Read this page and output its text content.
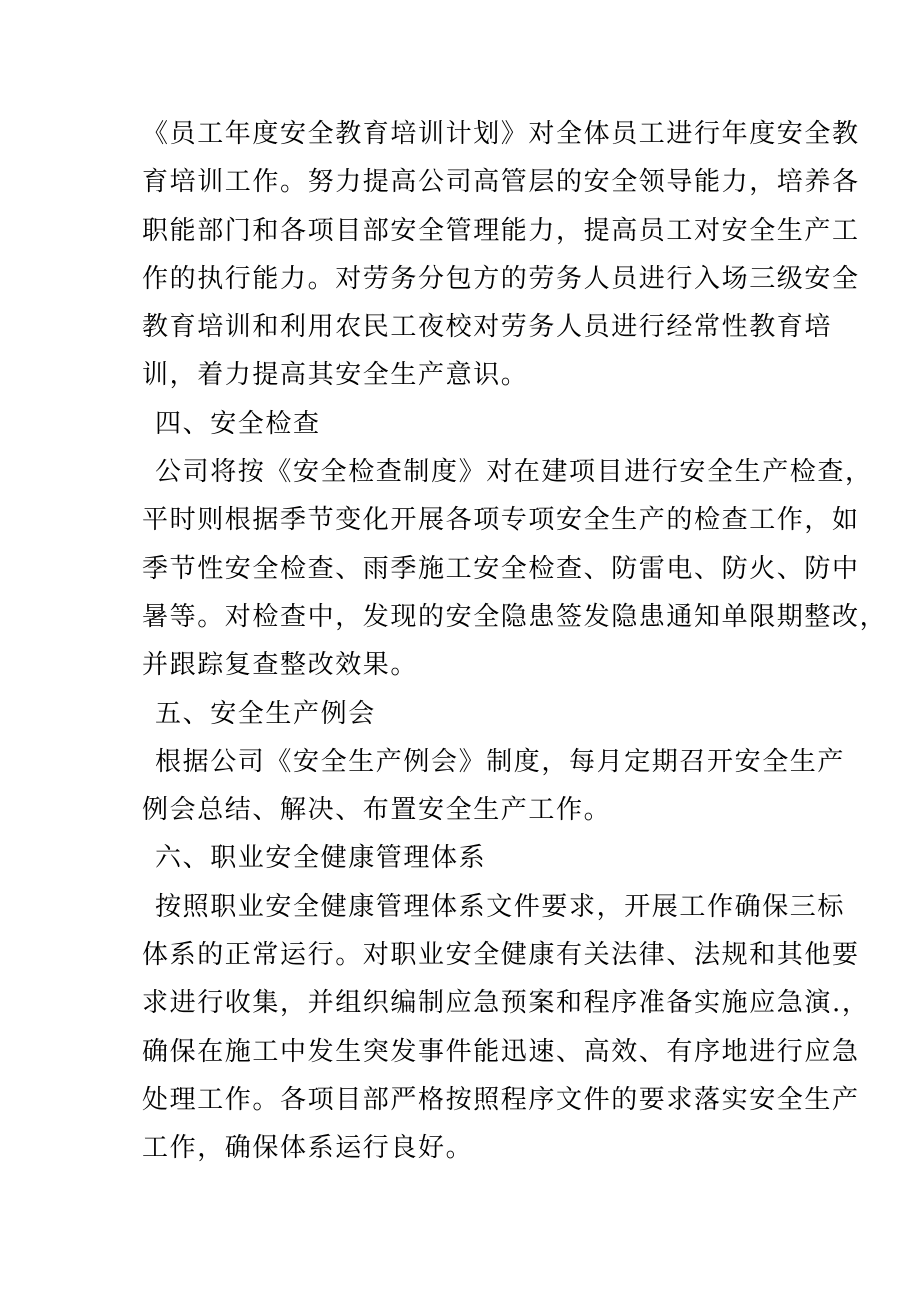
《员工年度安全教育培训计划》对全体员工进行年度安全教
育培训工作。努力提高公司高管层的安全领导能力，培养各
职能部门和各项目部安全管理能力，提高员工对安全生产工
作的执行能力。对劳务分包方的劳务人员进行入场三级安全
教育培训和利用农民工夜校对劳务人员进行经常性教育培
训，着力提高其安全生产意识。
四、安全检查
公司将按《安全检查制度》对在建项目进行安全生产检查，
平时则根据季节变化开展各项专项安全生产的检查工作，如
季节性安全检查、雨季施工安全检查、防雷电、防火、防中
暑等。对检查中，发现的安全隐患签发隐患通知单限期整改，
并跟踪复查整改效果。
五、安全生产例会
根据公司《安全生产例会》制度，每月定期召开安全生产
例会总结、解决、布置安全生产工作。
六、职业安全健康管理体系
按照职业安全健康管理体系文件要求，开展工作确保三标
体系的正常运行。对职业安全健康有关法律、法规和其他要
求进行收集，并组织编制应急预案和程序准备实施应急演.，
确保在施工中发生突发事件能迅速、高效、有序地进行应急
处理工作。各项目部严格按照程序文件的要求落实安全生产
工作，确保体系运行良好。
